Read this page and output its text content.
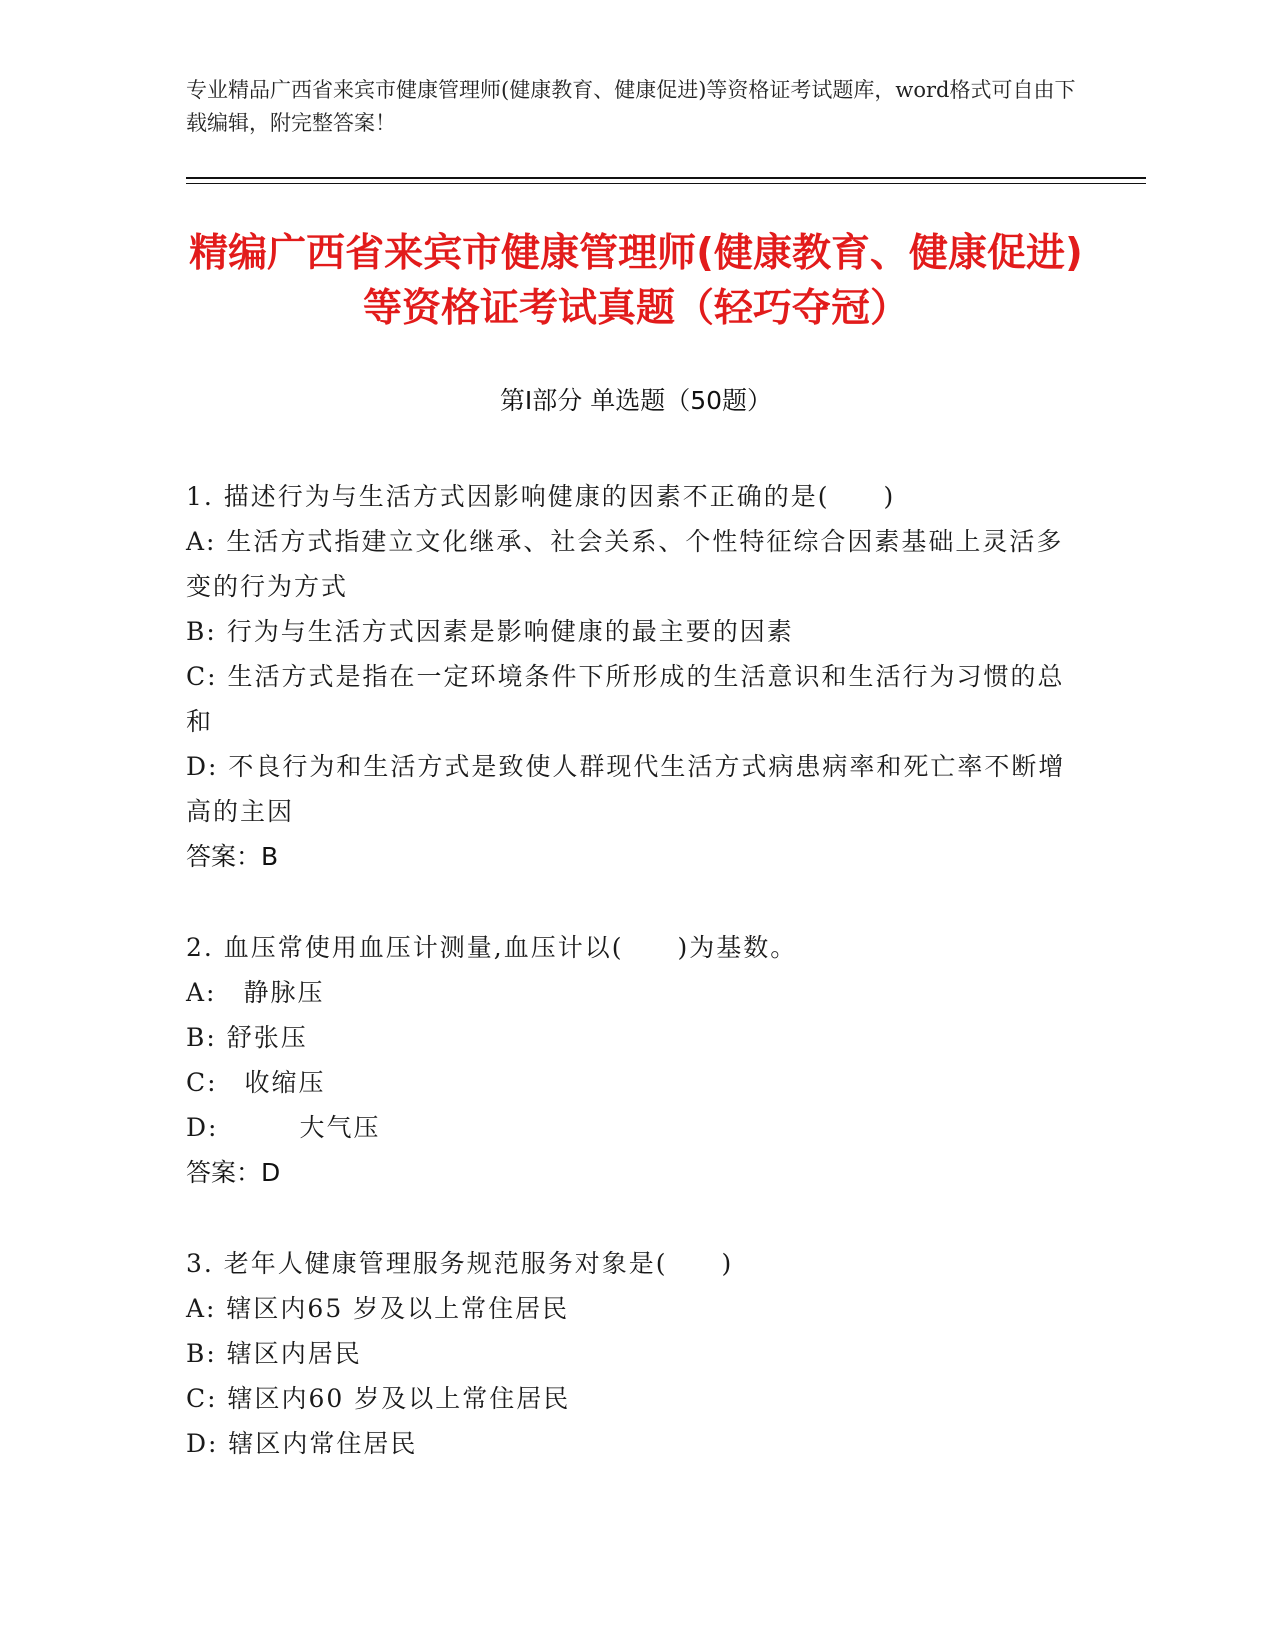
专业精品广西省来宾市健康管理师(健康教育、健康促进)等资格证考试题库，word格式可自由下载编辑，附完整答案！
精编广西省来宾市健康管理师(健康教育、健康促进)等资格证考试真题（轻巧夺冠）
第Ⅰ部分 单选题（50题）
1. 描述行为与生活方式因影响健康的因素不正确的是(　　)
A: 生活方式指建立文化继承、社会关系、个性特征综合因素基础上灵活多变的行为方式
B: 行为与生活方式因素是影响健康的最主要的因素
C: 生活方式是指在一定环境条件下所形成的生活意识和生活行为习惯的总和
D: 不良行为和生活方式是致使人群现代生活方式病患病率和死亡率不断增高的主因
答案：B
2. 血压常使用血压计测量,血压计以(　　)为基数。
A:　静脉压
B: 舒张压
C:　收缩压
D:　　　大气压
答案：D
3. 老年人健康管理服务规范服务对象是(　　)
A: 辖区内65 岁及以上常住居民
B: 辖区内居民
C: 辖区内60 岁及以上常住居民
D: 辖区内常住居民
